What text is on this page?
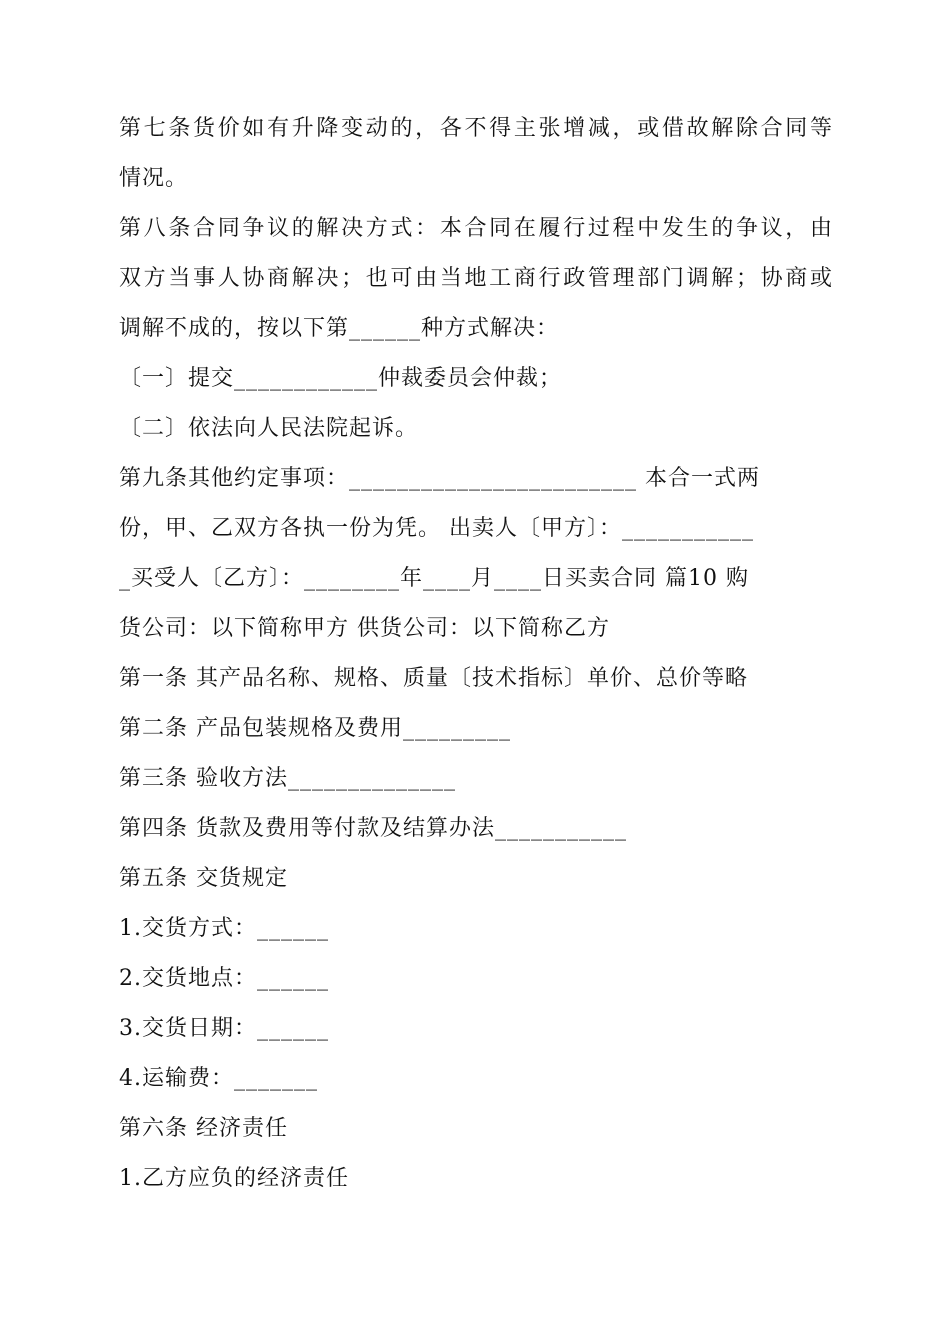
第七条货价如有升降变动的，各不得主张增减，或借故解除合同等
情况。
第八条合同争议的解决方式：本合同在履行过程中发生的争议，由
双方当事人协商解决；也可由当地工商行政管理部门调解；协商或
调解不成的，按以下第______种方式解决：
〔一〕提交____________仲裁委员会仲裁；
〔二〕依法向人民法院起诉。
第九条其他约定事项：________________________ 本合一式两
份，甲、乙双方各执一份为凭。 出卖人〔甲方〕：___________
_买受人〔乙方〕：________年____月____日买卖合同 篇10 购
货公司：以下简称甲方 供货公司：以下简称乙方
第一条 其产品名称、规格、质量〔技术指标〕单价、总价等略
第二条 产品包装规格及费用_________
第三条 验收方法______________
第四条 货款及费用等付款及结算办法___________
第五条 交货规定
1.交货方式：______
2.交货地点：______
3.交货日期：______
4.运输费：_______
第六条 经济责任
1.乙方应负的经济责任
